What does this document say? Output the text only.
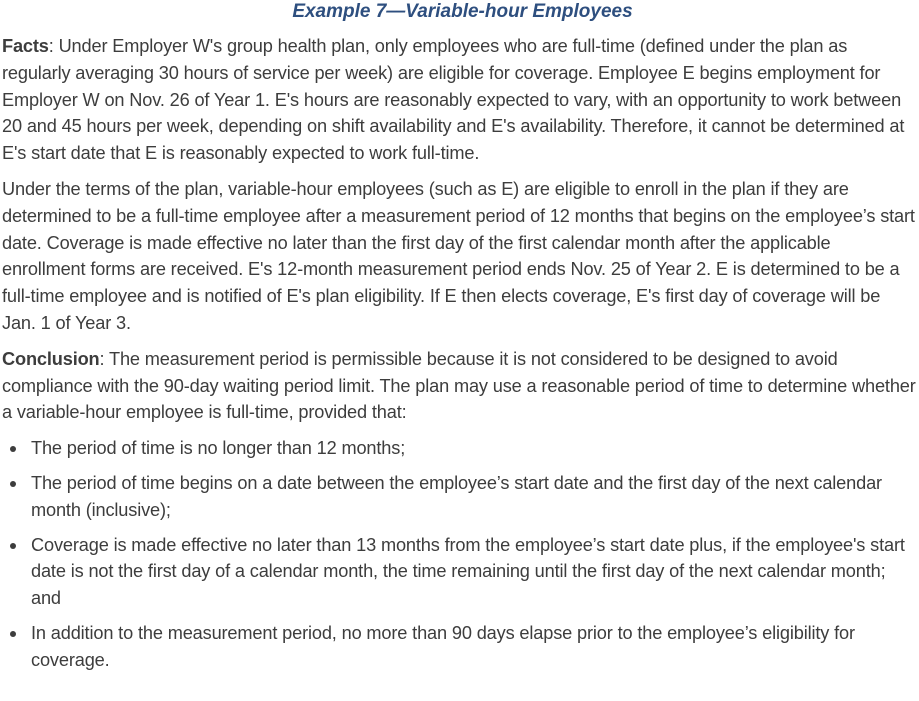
Example 7—Variable-hour Employees

Facts: Under Employer W's group health plan, only employees who are full-time (defined under the plan as regularly averaging 30 hours of service per week) are eligible for coverage. Employee E begins employment for Employer W on Nov. 26 of Year 1. E's hours are reasonably expected to vary, with an opportunity to work between 20 and 45 hours per week, depending on shift availability and E's availability. Therefore, it cannot be determined at E's start date that E is reasonably expected to work full-time.

Under the terms of the plan, variable-hour employees (such as E) are eligible to enroll in the plan if they are determined to be a full-time employee after a measurement period of 12 months that begins on the employee’s start date. Coverage is made effective no later than the first day of the first calendar month after the applicable enrollment forms are received. E's 12-month measurement period ends Nov. 25 of Year 2. E is determined to be a full-time employee and is notified of E's plan eligibility. If E then elects coverage, E's first day of coverage will be Jan. 1 of Year 3.

Conclusion: The measurement period is permissible because it is not considered to be designed to avoid compliance with the 90-day waiting period limit. The plan may use a reasonable period of time to determine whether a variable-hour employee is full-time, provided that:

The period of time is no longer than 12 months;
The period of time begins on a date between the employee’s start date and the first day of the next calendar month (inclusive);
Coverage is made effective no later than 13 months from the employee’s start date plus, if the employee's start date is not the first day of a calendar month, the time remaining until the first day of the next calendar month; and
In addition to the measurement period, no more than 90 days elapse prior to the employee’s eligibility for coverage.
